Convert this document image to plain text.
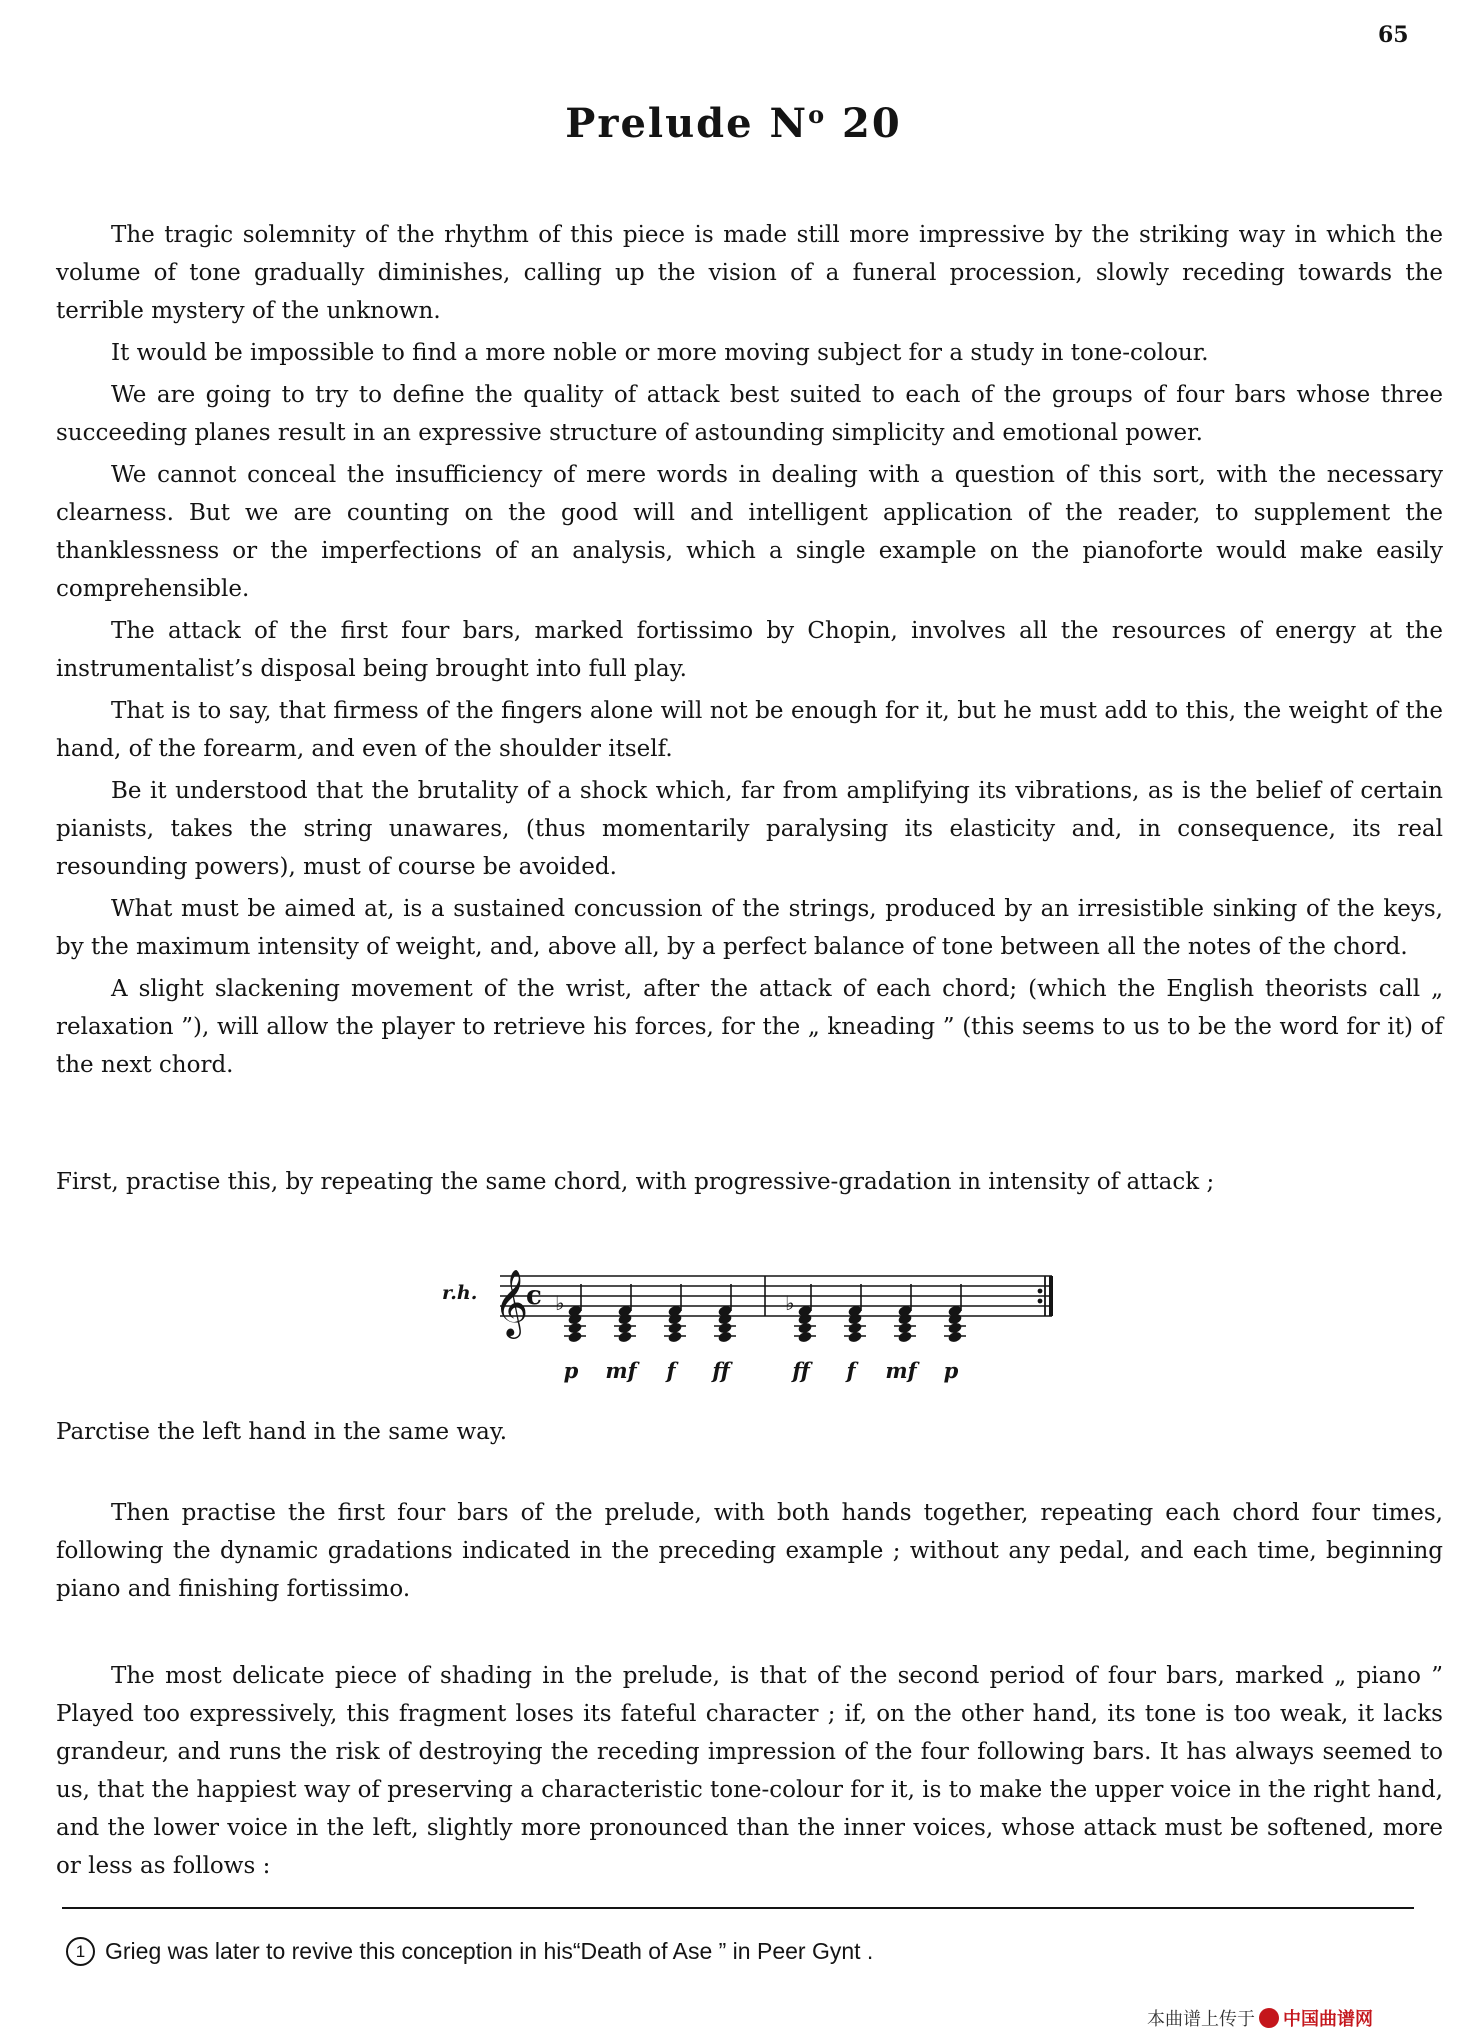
65
Prelude $N^o$ 20

The tragic solemnity of the rhythm of this piece is made still more impressive by the striking way in which the volume of tone gradually diminishes, calling up the vision of a funeral procession, slowly receding towards the terrible mystery of the unknown.

It would be impossible to find a more noble or more moving subject for a study in tone-colour.

We are going to try to define the quality of attack best suited to each of the groups of four bars whose three succeeding planes result in an expressive structure of astounding simplicity and emotional power.

We cannot conceal the insufficiency of mere words in dealing with a question of this sort, with the necessary clearness. But we are counting on the good will and intelligent application of the reader, to supplement the thanklessness or the imperfections of an analysis, which a single example on the pianoforte would make easily comprehensible.

The attack of the first four bars, marked fortissimo by Chopin, involves all the resources of energy at the instrumentalist’s disposal being brought into full play.

That is to say, that firmess of the fingers alone will not be enough for it, but he must add to this, the weight of the hand, of the forearm, and even of the shoulder itself.

Be it understood that the brutality of a shock which, far from amplifying its vibrations, as is the belief of certain pianists, takes the string unawares, (thus momentarily paralysing its elasticity and, in consequence, its real resounding powers), must of course be avoided.

What must be aimed at, is a sustained concussion of the strings, produced by an irresistible sinking of the keys, by the maximum intensity of weight, and, above all, by a perfect balance of tone between all the notes of the chord.

A slight slackening movement of the wrist, after the attack of each chord; (which the English theorists call „ relaxation ”), will allow the player to retrieve his forces, for the „ kneading ” (this seems to us to be the word for it) of the next chord.

First, practise this, by repeating the same chord, with progressive-gradation in intensity of attack ;
r.h. 𝄞
c ♭	♭
p mf f ff	ff f mf p
Parctise the left hand in the same way.

Then practise the first four bars of the prelude, with both hands together, repeating each chord four times, following the dynamic gradations indicated in the preceding example ; without any pedal, and each time, beginning piano and finishing fortissimo.

The most delicate piece of shading in the prelude, is that of the second period of four bars, marked „ piano ” Played too expressively, this fragment loses its fateful character ; if, on the other hand, its tone is too weak, it lacks grandeur, and runs the risk of destroying the receding impression of the four following bars. It has always seemed to us, that the happiest way of preserving a characteristic tone-colour for it, is to make the upper voice in the right hand, and the lower voice in the left, slightly more pronounced than the inner voices, whose attack must be softened, more or less as follows :

1 Grieg was later to revive this conception in his“Death of Ase ” in Peer Gynt .
本曲谱上传于 中国曲谱网
